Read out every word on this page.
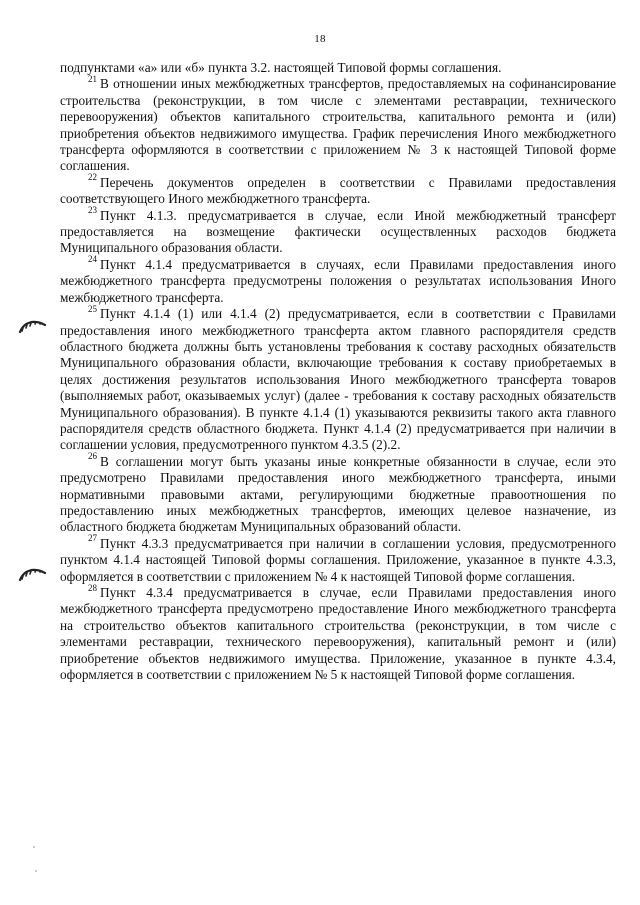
18

подпунктами «а» или «б» пункта 3.2. настоящей Типовой формы соглашения.

$^{21}$ В отношении иных межбюджетных трансфертов, предоставляемых на софинансирование строительства (реконструкции, в том числе с элементами реставрации, технического перевооружения) объектов капитального строительства, капитального ремонта и (или) приобретения объектов недвижимого имущества. График перечисления Иного межбюджетного трансферта оформляются в соответствии с приложением № 3 к настоящей Типовой форме соглашения.

$^{22}$ Перечень документов определен в соответствии с Правилами предоставления соответствующего Иного межбюджетного трансферта.

$^{23}$ Пункт 4.1.3. предусматривается в случае, если Иной межбюджетный трансферт предоставляется на возмещение фактически осуществленных расходов бюджета Муниципального образования области.

$^{24}$ Пункт 4.1.4 предусматривается в случаях, если Правилами предоставления иного межбюджетного трансферта предусмотрены положения о результатах использования Иного межбюджетного трансферта.

$^{25}$ Пункт 4.1.4 (1) или 4.1.4 (2) предусматривается, если в соответствии с Правилами предоставления иного межбюджетного трансферта актом главного распорядителя средств областного бюджета должны быть установлены требования к составу расходных обязательств Муниципального образования области, включающие требования к составу приобретаемых в целях достижения результатов использования Иного межбюджетного трансферта товаров (выполняемых работ, оказываемых услуг) (далее - требования к составу расходных обязательств Муниципального образования). В пункте 4.1.4 (1) указываются реквизиты такого акта главного распорядителя средств областного бюджета. Пункт 4.1.4 (2) предусматривается при наличии в соглашении условия, предусмотренного пунктом 4.3.5 (2).2.

$^{26}$ В соглашении могут быть указаны иные конкретные обязанности в случае, если это предусмотрено Правилами предоставления иного межбюджетного трансферта, иными нормативными правовыми актами, регулирующими бюджетные правоотношения по предоставлению иных межбюджетных трансфертов, имеющих целевое назначение, из областного бюджета бюджетам Муниципальных образований области.

$^{27}$ Пункт 4.3.3 предусматривается при наличии в соглашении условия, предусмотренного пунктом 4.1.4 настоящей Типовой формы соглашения. Приложение, указанное в пункте 4.3.3, оформляется в соответствии с приложением № 4 к настоящей Типовой форме соглашения.

$^{28}$ Пункт 4.3.4 предусматривается в случае, если Правилами предоставления иного межбюджетного трансферта предусмотрено предоставление Иного межбюджетного трансферта на строительство объектов капитального строительства (реконструкции, в том числе с элементами реставрации, технического перевооружения), капитальный ремонт и (или) приобретение объектов недвижимого имущества. Приложение, указанное в пункте 4.3.4, оформляется в соответствии с приложением № 5 к настоящей Типовой форме соглашения.
